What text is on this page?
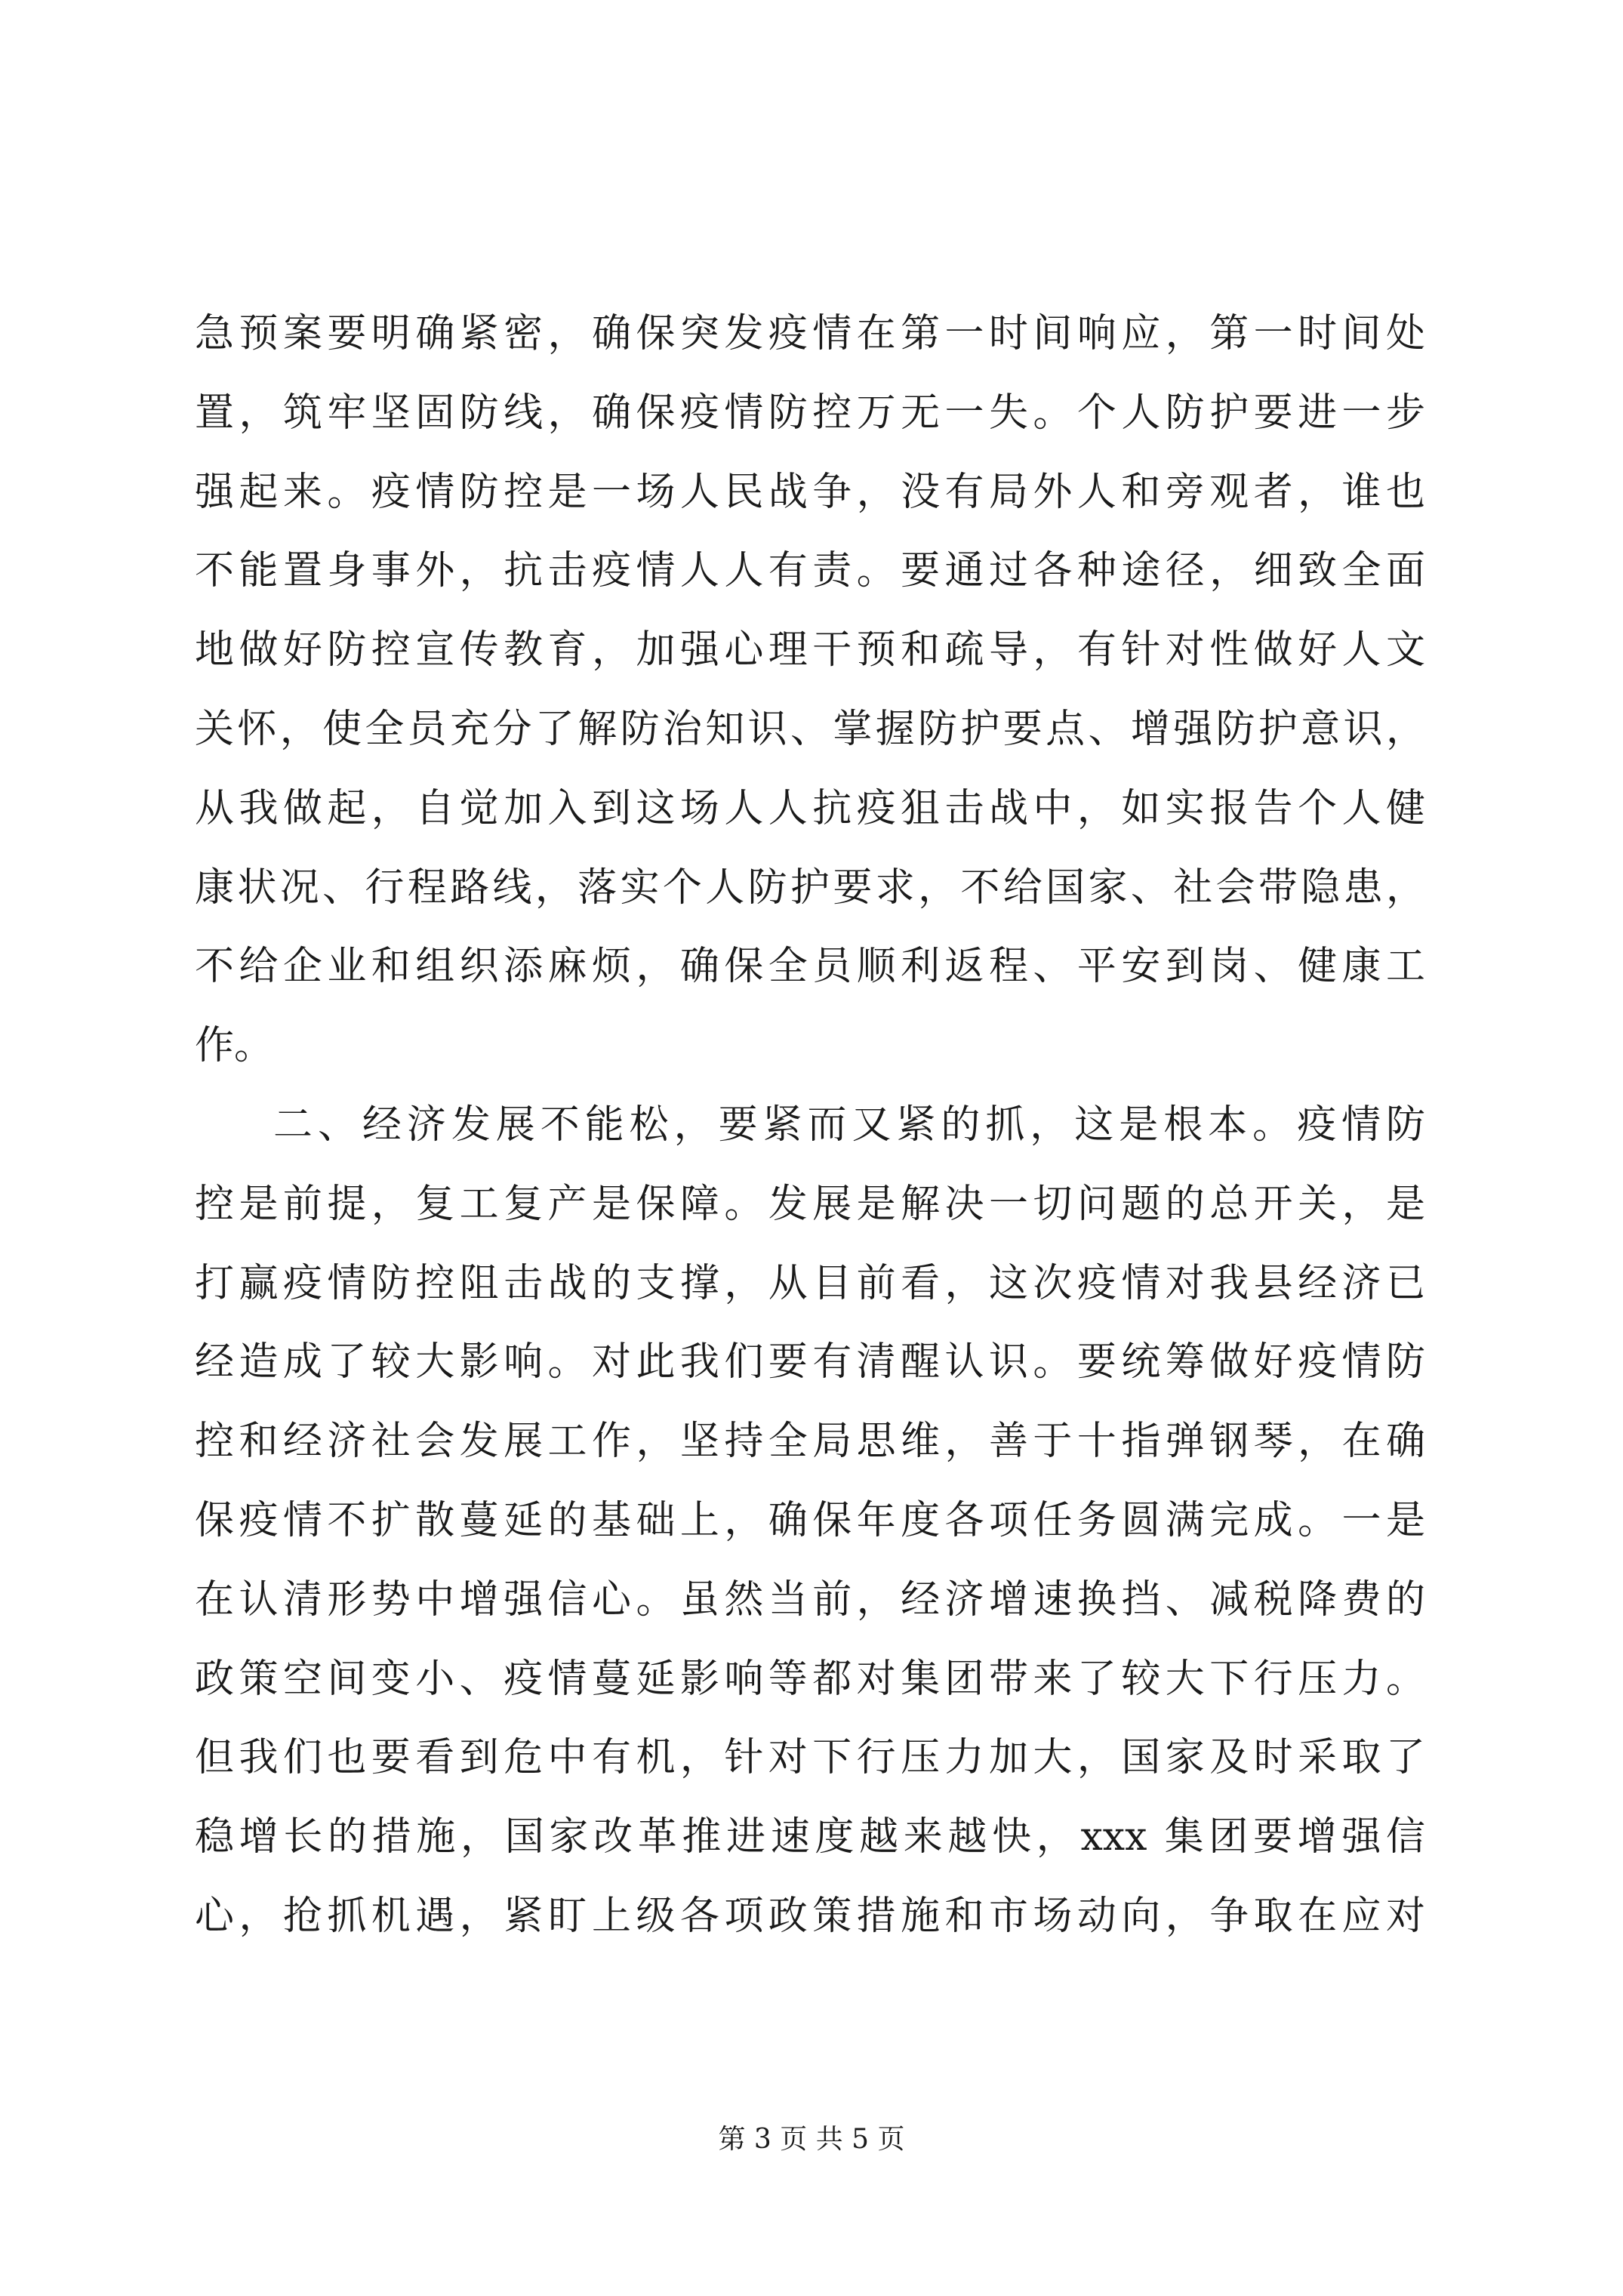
急预案要明确紧密，确保突发疫情在第一时间响应，第一时间处
置，筑牢坚固防线，确保疫情防控万无一失。个人防护要进一步
强起来。疫情防控是一场人民战争，没有局外人和旁观者，谁也
不能置身事外，抗击疫情人人有责。要通过各种途径，细致全面
地做好防控宣传教育，加强心理干预和疏导，有针对性做好人文
关怀，使全员充分了解防治知识、掌握防护要点、增强防护意识，
从我做起，自觉加入到这场人人抗疫狙击战中，如实报告个人健
康状况、行程路线，落实个人防护要求，不给国家、社会带隐患，
不给企业和组织添麻烦，确保全员顺利返程、平安到岗、健康工
作。
二、经济发展不能松，要紧而又紧的抓，这是根本。疫情防
控是前提，复工复产是保障。发展是解决一切问题的总开关，是
打赢疫情防控阻击战的支撑，从目前看，这次疫情对我县经济已
经造成了较大影响。对此我们要有清醒认识。要统筹做好疫情防
控和经济社会发展工作，坚持全局思维，善于十指弹钢琴，在确
保疫情不扩散蔓延的基础上，确保年度各项任务圆满完成。一是
在认清形势中增强信心。虽然当前，经济增速换挡、减税降费的
政策空间变小、疫情蔓延影响等都对集团带来了较大下行压力。
但我们也要看到危中有机，针对下行压力加大，国家及时采取了
稳增长的措施，国家改革推进速度越来越快，xxx 集团要增强信
心，抢抓机遇，紧盯上级各项政策措施和市场动向，争取在应对
第 3 页 共 5 页
